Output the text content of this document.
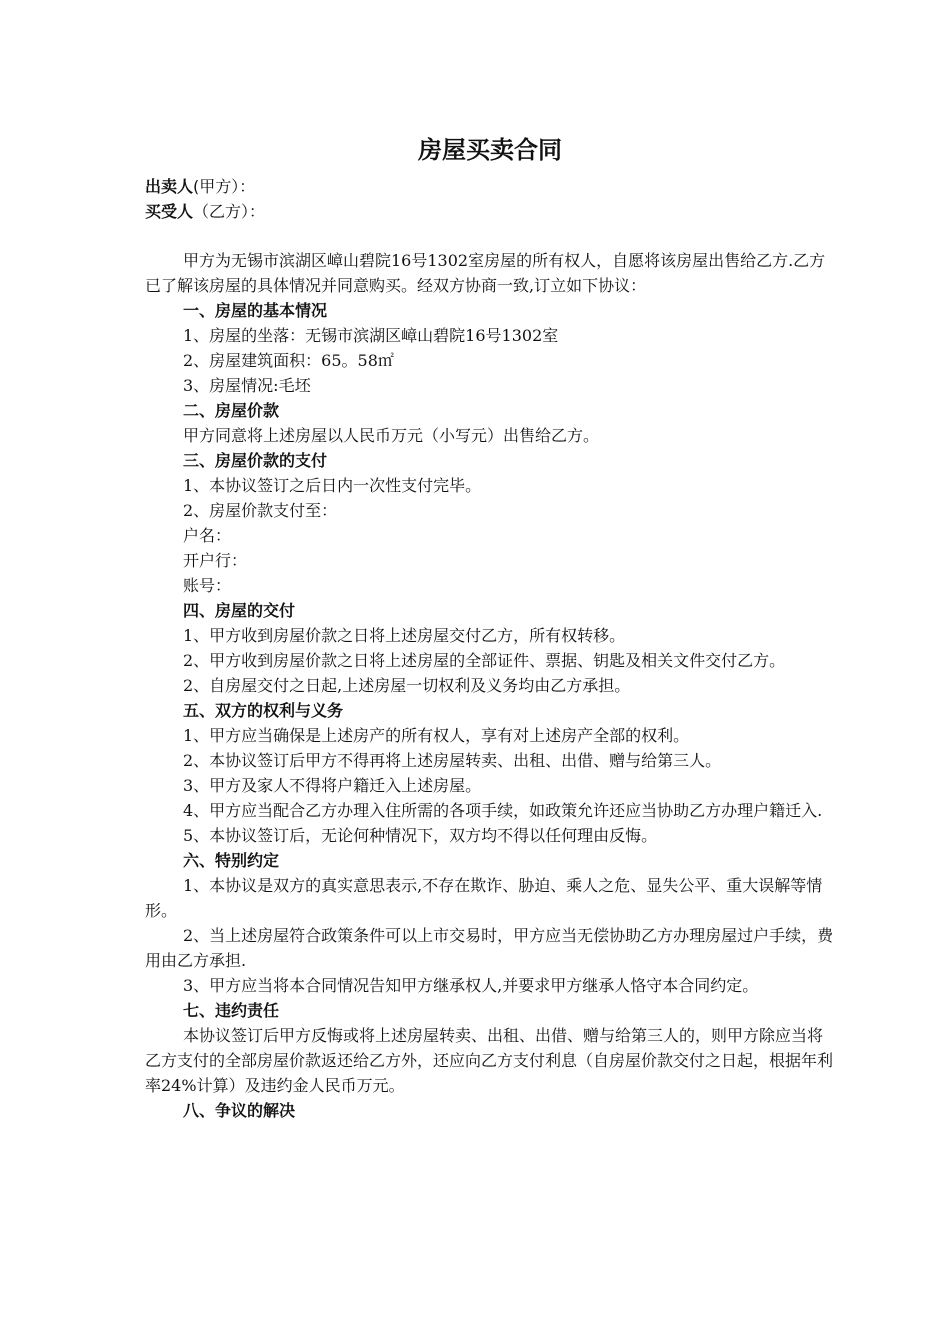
房屋买卖合同
出卖人(甲方）：
买受人（乙方）：

甲方为无锡市滨湖区嶂山碧院16号1302室房屋的所有权人，自愿将该房屋出售给乙方.乙方已了解该房屋的具体情况并同意购买。经双方协商一致,订立如下协议：

一、房屋的基本情况

1、房屋的坐落：无锡市滨湖区嶂山碧院16号1302室

2、房屋建筑面积：65。58㎡

3、房屋情况:毛坯

二、房屋价款

甲方同意将上述房屋以人民币万元（小写元）出售给乙方。

三、房屋价款的支付

1、本协议签订之后日内一次性支付完毕。

2、房屋价款支付至：

户名：

开户行：

账号：

四、房屋的交付

1、甲方收到房屋价款之日将上述房屋交付乙方，所有权转移。

2、甲方收到房屋价款之日将上述房屋的全部证件、票据、钥匙及相关文件交付乙方。

2、自房屋交付之日起,上述房屋一切权利及义务均由乙方承担。

五、双方的权利与义务

1、甲方应当确保是上述房产的所有权人，享有对上述房产全部的权利。

2、本协议签订后甲方不得再将上述房屋转卖、出租、出借、赠与给第三人。

3、甲方及家人不得将户籍迁入上述房屋。

4、甲方应当配合乙方办理入住所需的各项手续，如政策允许还应当协助乙方办理户籍迁入.

5、本协议签订后，无论何种情况下，双方均不得以任何理由反悔。

六、特别约定

1、本协议是双方的真实意思表示,不存在欺诈、胁迫、乘人之危、显失公平、重大误解等情形。

2、当上述房屋符合政策条件可以上市交易时，甲方应当无偿协助乙方办理房屋过户手续，费用由乙方承担.

3、甲方应当将本合同情况告知甲方继承权人,并要求甲方继承人恪守本合同约定。

七、违约责任

本协议签订后甲方反悔或将上述房屋转卖、出租、出借、赠与给第三人的，则甲方除应当将乙方支付的全部房屋价款返还给乙方外，还应向乙方支付利息（自房屋价款交付之日起，根据年利率24%计算）及违约金人民币万元。

八、争议的解决
